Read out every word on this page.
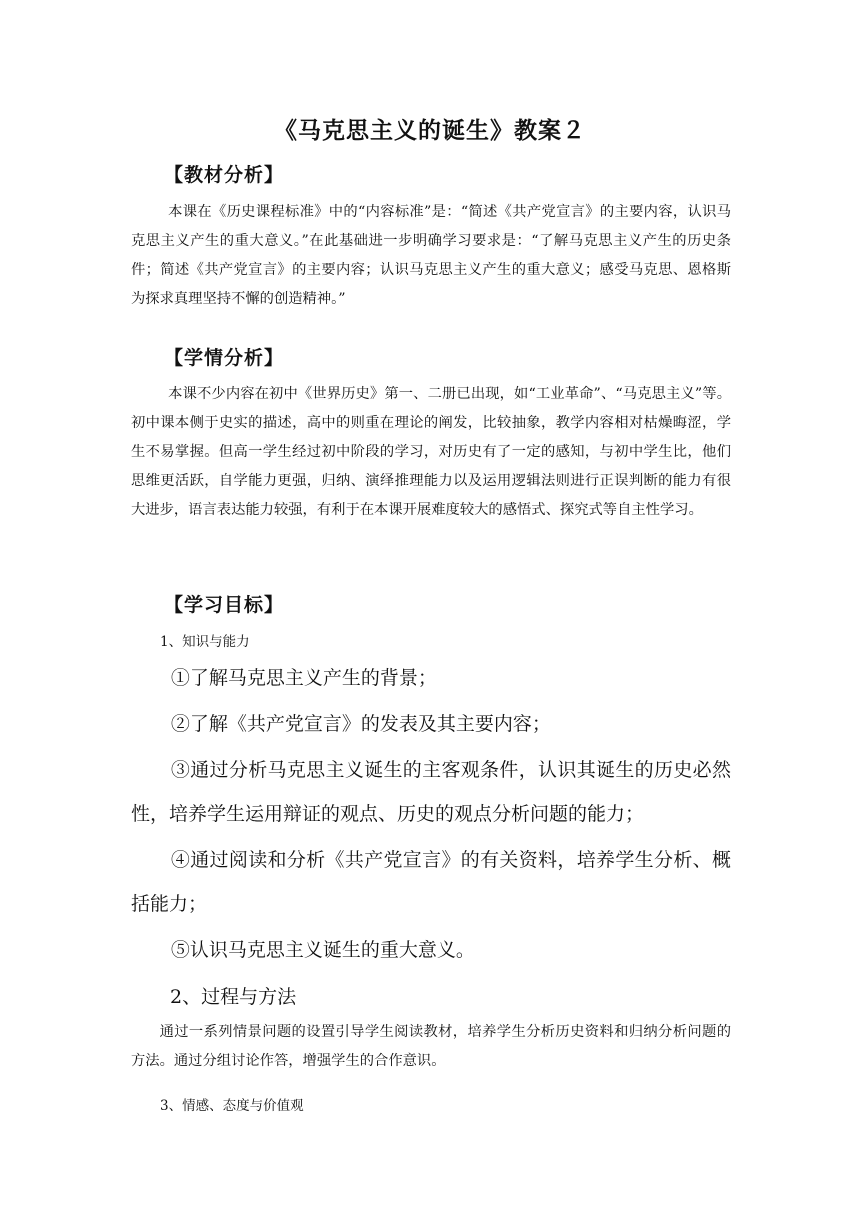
《马克思主义的诞生》教案２
【教材分析】
本课在《历史课程标准》中的“内容标准”是：“简述《共产党宣言》的主要内容，认识马克思主义产生的重大意义。”在此基础进一步明确学习要求是：“了解马克思主义产生的历史条件；简述《共产党宣言》的主要内容；认识马克思主义产生的重大意义；感受马克思、恩格斯为探求真理坚持不懈的创造精神。”
【学情分析】
本课不少内容在初中《世界历史》第一、二册已出现，如“工业革命”、“马克思主义”等。初中课本侧于史实的描述，高中的则重在理论的阐发，比较抽象，教学内容相对枯燥晦涩，学生不易掌握。但高一学生经过初中阶段的学习，对历史有了一定的感知，与初中学生比，他们思维更活跃，自学能力更强，归纳、演绎推理能力以及运用逻辑法则进行正误判断的能力有很大进步，语言表达能力较强，有利于在本课开展难度较大的感悟式、探究式等自主性学习。
【学习目标】
1、知识与能力
①了解马克思主义产生的背景；
②了解《共产党宣言》的发表及其主要内容；
③通过分析马克思主义诞生的主客观条件，认识其诞生的历史必然性，培养学生运用辩证的观点、历史的观点分析问题的能力；
④通过阅读和分析《共产党宣言》的有关资料，培养学生分析、概括能力；
⑤认识马克思主义诞生的重大意义。
2、过程与方法
通过一系列情景问题的设置引导学生阅读教材，培养学生分析历史资料和归纳分析问题的方法。通过分组讨论作答，增强学生的合作意识。
3、情感、态度与价值观
